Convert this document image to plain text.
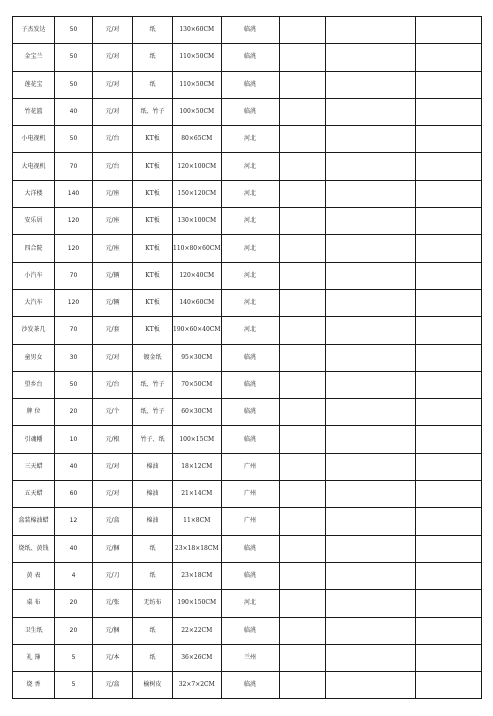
子杰发达	50	元/对	纸	130×60CM	临洮			
金宝兰	50	元/对	纸	110×50CM	临洮			
莲花宝	50	元/对	纸	110×50CM	临洮			
竹花篮	40	元/对	纸、竹子	100×50CM	临洮			
小电视机	50	元/台	KT板	80×65CM	河北			
大电视机	70	元/台	KT板	120×100CM	河北			
大洋楼	140	元/座	KT板	150×120CM	河北			
安乐居	120	元/座	KT板	130×100CM	河北			
四合院	120	元/座	KT板	110×80×60CM	河北			
小汽车	70	元/辆	KT板	120×40CM	河北			
大汽车	120	元/辆	KT板	140×60CM	河北			
沙发茶几	70	元/套	KT板	190×60×40CM	河北			
童男女	30	元/对	镀金纸	95×30CM	临洮			
望乡台	50	元/台	纸、竹子	70×50CM	临洮			
牌 位	20	元/个	纸、竹子	60×30CM	临洮			
引魂幡	10	元/根	竹子、纸	100×15CM	临洮			
三天蜡	40	元/对	棉油	18×12CM	广州			
五天蜡	60	元/对	棉油	21×14CM	广州			
盒装棉油蜡	12	元/盒	棉油	11×8CM	广州			
烧纸、黄钱	40	元/捆	纸	23×18×18CM	临洮			
黄 表	4	元/刀	纸	23×18CM	临洮			
桌 布	20	元/张	无纺布	190×150CM	河北			
卫生纸	20	元/捆	纸	22×22CM	临洮			
礼 簿	5	元/本	纸	36×26CM	兰州			
烧 香	5	元/盒	榆树皮	32×7×2CM	临洮			
